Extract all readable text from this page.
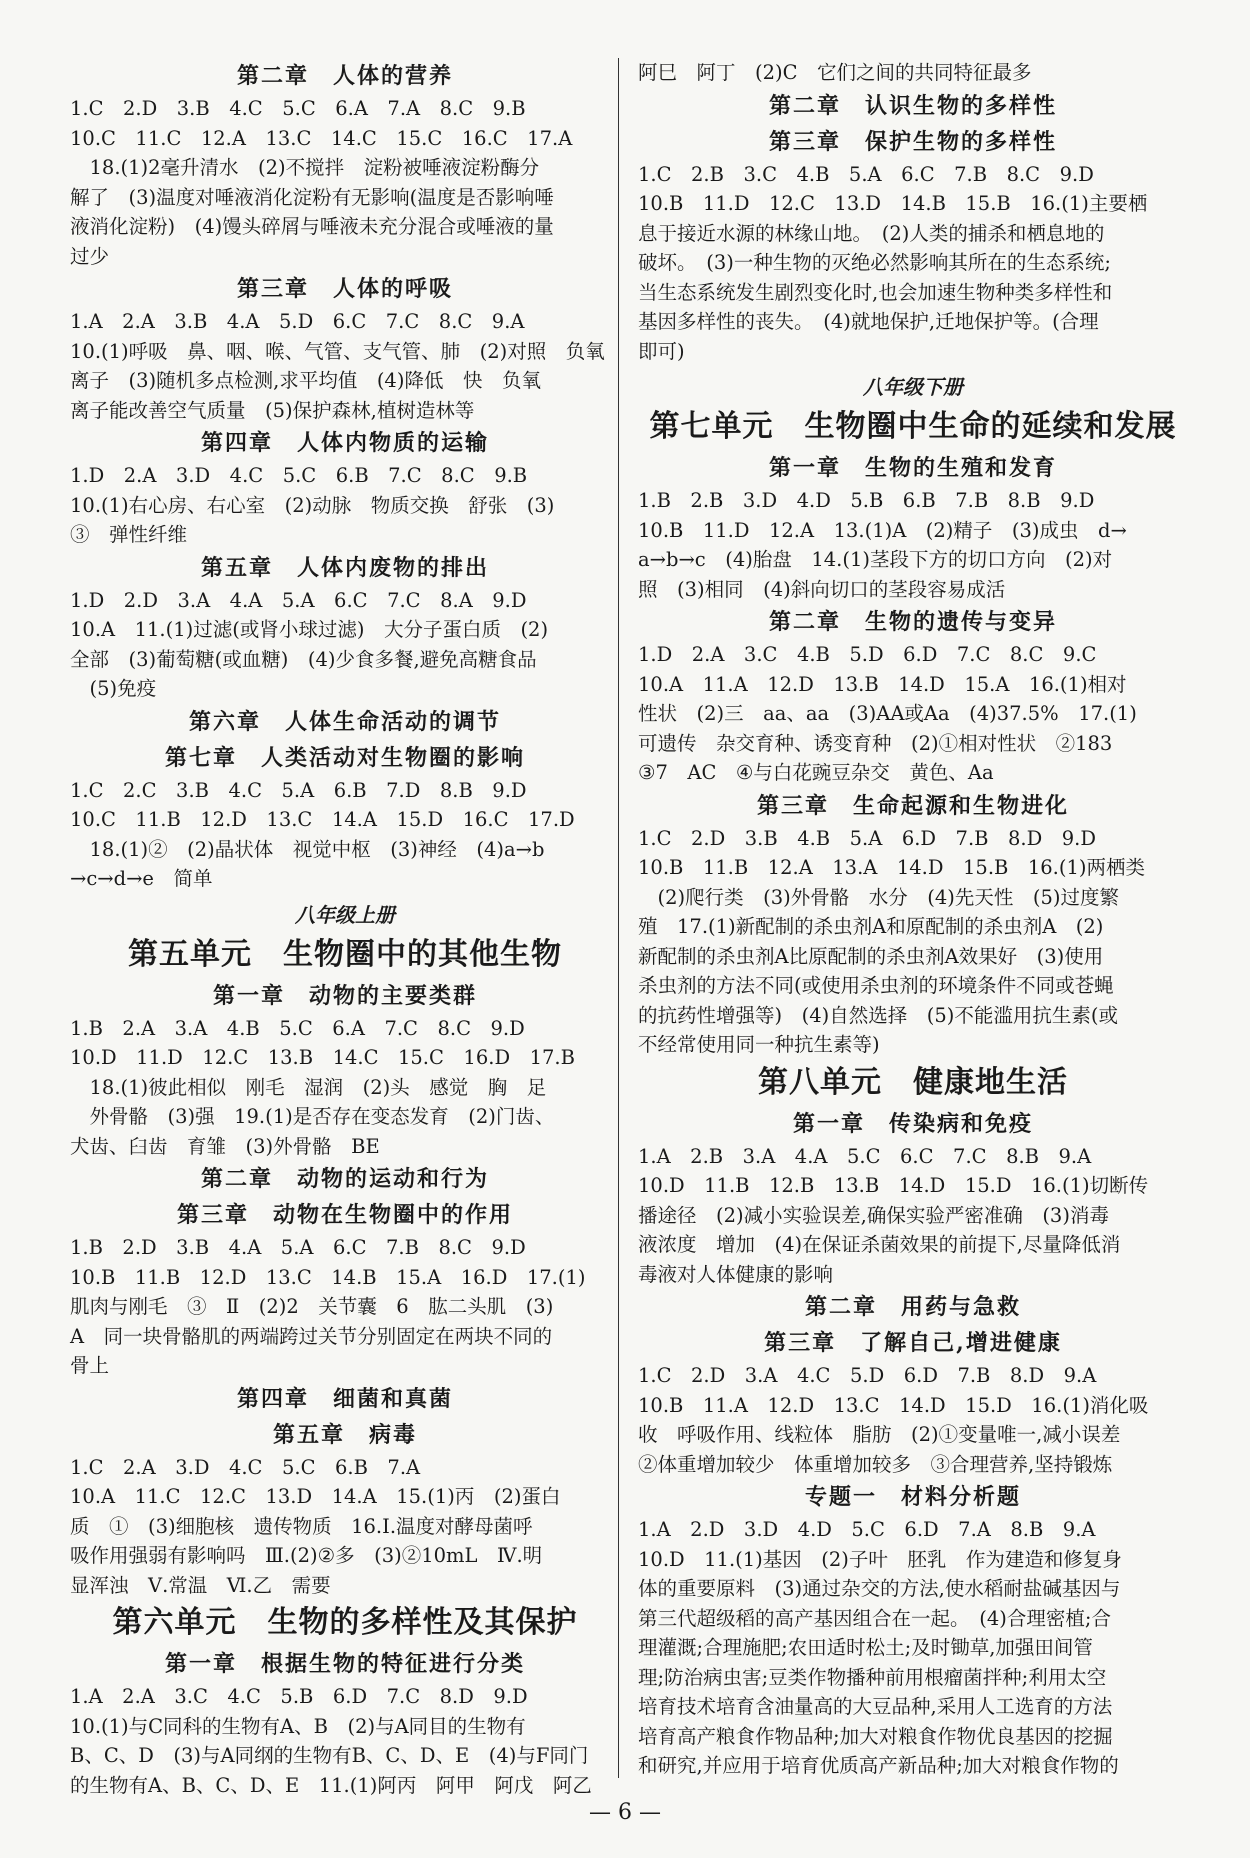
第二章　人体的营养
1.C　2.D　3.B　4.C　5.C　6.A　7.A　8.C　9.B
10.C　11.C　12.A　13.C　14.C　15.C　16.C　17.A
　18.(1)2毫升清水　(2)不搅拌　淀粉被唾液淀粉酶分
解了　(3)温度对唾液消化淀粉有无影响(温度是否影响唾
液消化淀粉)　(4)馒头碎屑与唾液未充分混合或唾液的量
过少
第三章　人体的呼吸
1.A　2.A　3.B　4.A　5.D　6.C　7.C　8.C　9.A
10.(1)呼吸　鼻、咽、喉、气管、支气管、肺　(2)对照　负氧
离子　(3)随机多点检测,求平均值　(4)降低　快　负氧
离子能改善空气质量　(5)保护森林,植树造林等
第四章　人体内物质的运输
1.D　2.A　3.D　4.C　5.C　6.B　7.C　8.C　9.B
10.(1)右心房、右心室　(2)动脉　物质交换　舒张　(3)
③　弹性纤维
第五章　人体内废物的排出
1.D　2.D　3.A　4.A　5.A　6.C　7.C　8.A　9.D
10.A　11.(1)过滤(或肾小球过滤)　大分子蛋白质　(2)
全部　(3)葡萄糖(或血糖)　(4)少食多餐,避免高糖食品
　(5)免疫
第六章　人体生命活动的调节
第七章　人类活动对生物圈的影响
1.C　2.C　3.B　4.C　5.A　6.B　7.D　8.B　9.D
10.C　11.B　12.D　13.C　14.A　15.D　16.C　17.D
　18.(1)②　(2)晶状体　视觉中枢　(3)神经　(4)a→b
→c→d→e　简单
八年级上册
第五单元　生物圈中的其他生物
第一章　动物的主要类群
1.B　2.A　3.A　4.B　5.C　6.A　7.C　8.C　9.D
10.D　11.D　12.C　13.B　14.C　15.C　16.D　17.B
　18.(1)彼此相似　刚毛　湿润　(2)头　感觉　胸　足
　外骨骼　(3)强　19.(1)是否存在变态发育　(2)门齿、
犬齿、臼齿　育雏　(3)外骨骼　BE
第二章　动物的运动和行为
第三章　动物在生物圈中的作用
1.B　2.D　3.B　4.A　5.A　6.C　7.B　8.C　9.D
10.B　11.B　12.D　13.C　14.B　15.A　16.D　17.(1)
肌肉与刚毛　③　Ⅱ　(2)2　关节囊　6　肱二头肌　(3)
A　同一块骨骼肌的两端跨过关节分别固定在两块不同的
骨上
第四章　细菌和真菌
第五章　病毒
1.C　2.A　3.D　4.C　5.C　6.B　7.A
10.A　11.C　12.C　13.D　14.A　15.(1)丙　(2)蛋白
质　①　(3)细胞核　遗传物质　16.Ⅰ.温度对酵母菌呼
吸作用强弱有影响吗　Ⅲ.(2)②多　(3)②10mL　Ⅳ.明
显浑浊　Ⅴ.常温　Ⅵ.乙　需要
第六单元　生物的多样性及其保护
第一章　根据生物的特征进行分类
1.A　2.A　3.C　4.C　5.B　6.D　7.C　8.D　9.D
10.(1)与C同科的生物有A、B　(2)与A同目的生物有
B、C、D　(3)与A同纲的生物有B、C、D、E　(4)与F同门
的生物有A、B、C、D、E　11.(1)阿丙　阿甲　阿戊　阿乙
阿巳　阿丁　(2)C　它们之间的共同特征最多
第二章　认识生物的多样性
第三章　保护生物的多样性
1.C　2.B　3.C　4.B　5.A　6.C　7.B　8.C　9.D
10.B　11.D　12.C　13.D　14.B　15.B　16.(1)主要栖
息于接近水源的林缘山地。　(2)人类的捕杀和栖息地的
破坏。　(3)一种生物的灭绝必然影响其所在的生态系统;
当生态系统发生剧烈变化时,也会加速生物种类多样性和
基因多样性的丧失。　(4)就地保护,迁地保护等。(合理
即可)
八年级下册
第七单元　生物圈中生命的延续和发展
第一章　生物的生殖和发育
1.B　2.B　3.D　4.D　5.B　6.B　7.B　8.B　9.D
10.B　11.D　12.A　13.(1)A　(2)精子　(3)成虫　d→
a→b→c　(4)胎盘　14.(1)茎段下方的切口方向　(2)对
照　(3)相同　(4)斜向切口的茎段容易成活
第二章　生物的遗传与变异
1.D　2.A　3.C　4.B　5.D　6.D　7.C　8.C　9.C
10.A　11.A　12.D　13.B　14.D　15.A　16.(1)相对
性状　(2)三　aa、aa　(3)AA或Aa　(4)37.5%　17.(1)
可遗传　杂交育种、诱变育种　(2)①相对性状　②183
③7　AC　④与白花豌豆杂交　黄色、Aa
第三章　生命起源和生物进化
1.C　2.D　3.B　4.B　5.A　6.D　7.B　8.D　9.D
10.B　11.B　12.A　13.A　14.D　15.B　16.(1)两栖类
　(2)爬行类　(3)外骨骼　水分　(4)先天性　(5)过度繁
殖　17.(1)新配制的杀虫剂A和原配制的杀虫剂A　(2)
新配制的杀虫剂A比原配制的杀虫剂A效果好　(3)使用
杀虫剂的方法不同(或使用杀虫剂的环境条件不同或苍蝇
的抗药性增强等)　(4)自然选择　(5)不能滥用抗生素(或
不经常使用同一种抗生素等)
第八单元　健康地生活
第一章　传染病和免疫
1.A　2.B　3.A　4.A　5.C　6.C　7.C　8.B　9.A
10.D　11.B　12.B　13.B　14.D　15.D　16.(1)切断传
播途径　(2)减小实验误差,确保实验严密准确　(3)消毒
液浓度　增加　(4)在保证杀菌效果的前提下,尽量降低消
毒液对人体健康的影响
第二章　用药与急救
第三章　了解自己,增进健康
1.C　2.D　3.A　4.C　5.D　6.D　7.B　8.D　9.A
10.B　11.A　12.D　13.C　14.D　15.D　16.(1)消化吸
收　呼吸作用、线粒体　脂肪　(2)①变量唯一,减小误差
②体重增加较少　体重增加较多　③合理营养,坚持锻炼
专题一　材料分析题
1.A　2.D　3.D　4.D　5.C　6.D　7.A　8.B　9.A
10.D　11.(1)基因　(2)子叶　胚乳　作为建造和修复身
体的重要原料　(3)通过杂交的方法,使水稻耐盐碱基因与
第三代超级稻的高产基因组合在一起。　(4)合理密植;合
理灌溉;合理施肥;农田适时松土;及时锄草,加强田间管
理;防治病虫害;豆类作物播种前用根瘤菌拌种;利用太空
培育技术培育含油量高的大豆品种,采用人工选育的方法
培育高产粮食作物品种;加大对粮食作物优良基因的挖掘
和研究,并应用于培育优质高产新品种;加大对粮食作物的
— 6 —
